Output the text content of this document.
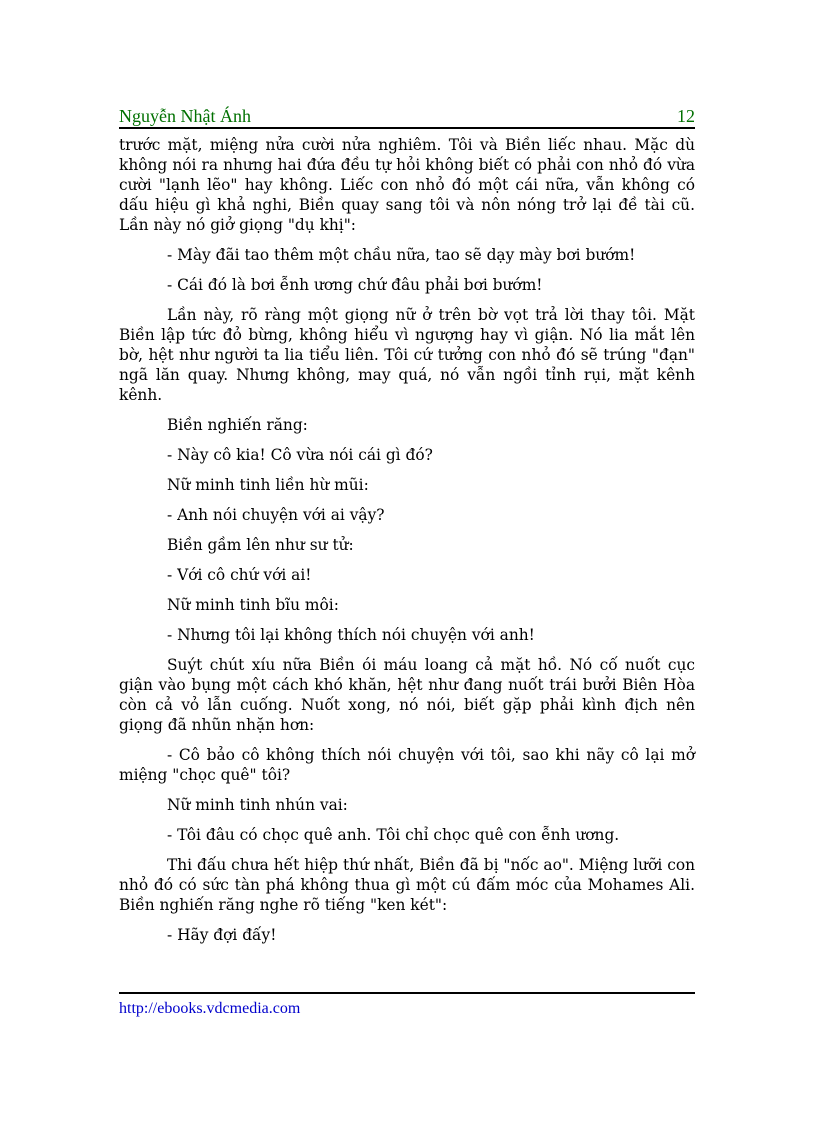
Nguyễn Nhật Ánh	12

trước mặt, miệng nửa cười nửa nghiêm. Tôi và Biền liếc nhau. Mặc dù không nói ra nhưng hai đứa đều tự hỏi không biết có phải con nhỏ đó vừa cười "lạnh lẽo" hay không. Liếc con nhỏ đó một cái nữa, vẫn không có dấu hiệu gì khả nghi, Biền quay sang tôi và nôn nóng trở lại đề tài cũ. Lần này nó giở giọng "dụ khị":

- Mày đãi tao thêm một chầu nữa, tao sẽ dạy mày bơi bướm!

- Cái đó là bơi ễnh ương chứ đâu phải bơi bướm!

Lần này, rõ ràng một giọng nữ ở trên bờ vọt trả lời thay tôi. Mặt Biền lập tức đỏ bừng, không hiểu vì ngượng hay vì giận. Nó lia mắt lên bờ, hệt như người ta lia tiểu liên. Tôi cứ tưởng con nhỏ đó sẽ trúng "đạn" ngã lăn quay. Nhưng không, may quá, nó vẫn ngồi tỉnh rụi, mặt kênh kênh.

Biền nghiến răng:

- Này cô kia! Cô vừa nói cái gì đó?

Nữ minh tinh liền hừ mũi:

- Anh nói chuyện với ai vậy?

Biền gầm lên như sư tử:

- Với cô chứ với ai!

Nữ minh tinh bĩu môi:

- Nhưng tôi lại không thích nói chuyện với anh!

Suýt chút xíu nữa Biền ói máu loang cả mặt hồ. Nó cố nuốt cục giận vào bụng một cách khó khăn, hệt như đang nuốt trái bưởi Biên Hòa còn cả vỏ lẫn cuống. Nuốt xong, nó nói, biết gặp phải kình địch nên giọng đã nhũn nhặn hơn:

- Cô bảo cô không thích nói chuyện với tôi, sao khi nãy cô lại mở miệng "chọc quê" tôi?

Nữ minh tinh nhún vai:

- Tôi đâu có chọc quê anh. Tôi chỉ chọc quê con ễnh ương.

Thi đấu chưa hết hiệp thứ nhất, Biền đã bị "nốc ao". Miệng lưỡi con nhỏ đó có sức tàn phá không thua gì một cú đấm móc của Mohames Ali. Biền nghiến răng nghe rõ tiếng "ken két":

- Hãy đợi đấy!

http://ebooks.vdcmedia.com
